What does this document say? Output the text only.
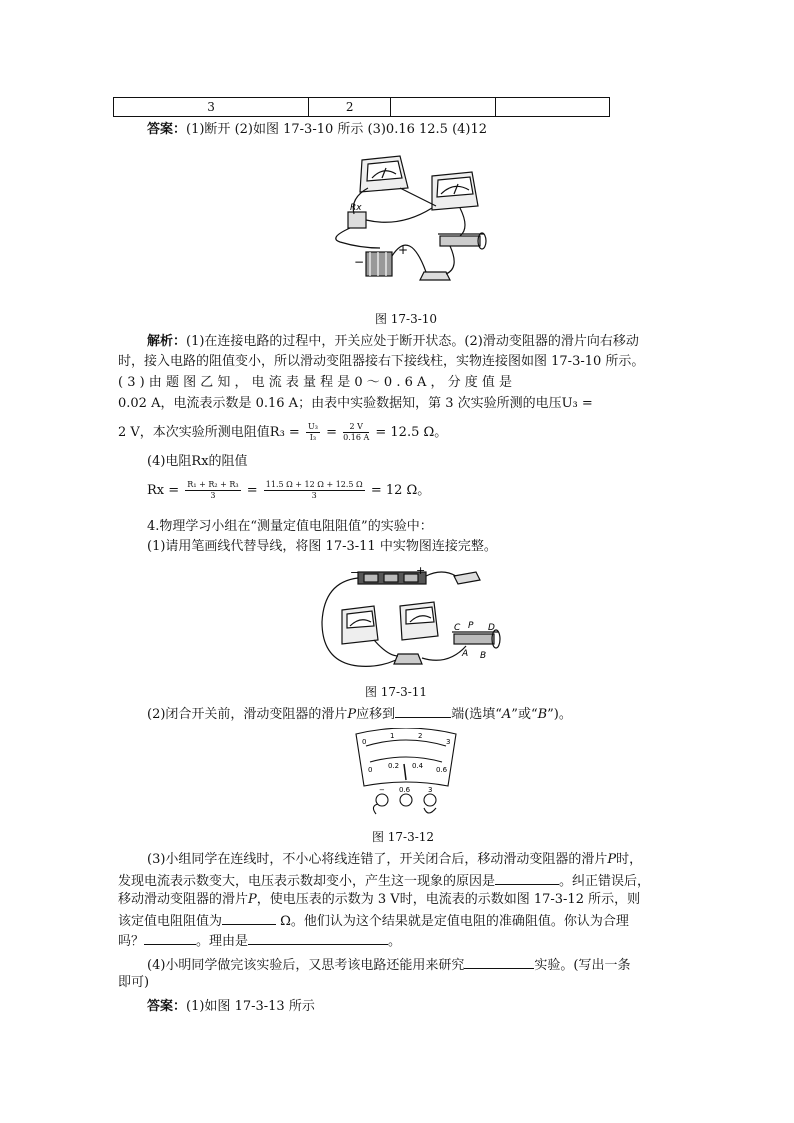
3	2		
答案：(1)断开 (2)如图 17-3-10 所示 (3)0.16 12.5 (4)12
Rx
−
+
图 17-3-10
解析：(1)在连接电路的过程中，开关应处于断开状态。(2)滑动变阻器的滑片向右移动
时，接入电路的阻值变小，所以滑动变阻器接右下接线柱，实物连接图如图 17-3-10 所示。
( 3 ) 由 题 图 乙 知 ， 电 流 表 量 程 是 0 ～ 0 . 6 A ， 分 度 值 是
0.02 A，电流表示数是 0.16 A；由表中实验数据知，第 3 次实验所测的电压U₃ =
2 V，本次实验所测电阻值$R_3 = \frac{\text{U₃}}{\text{I₃}} = \frac{2 V}{0.16 A} = 12.5$ Ω。
(4)电阻Rx的阻值
$Rx = \frac{\text{R₁ + R₂ + R₃}}{3} = \frac{11.5 \Omega + 12 \Omega + 12.5 \Omega}{3} = 12$ Ω。
4.物理学习小组在“测量定值电阻阻值”的实验中：
(1)请用笔画线代替导线，将图 17-3-11 中实物图连接完整。
−	+
C P D
A B
图 17-3-11
(2)闭合开关前，滑动变阻器的滑片P应移到	端(选填“A”或“B”)。
0
1	2
3
0 0.2 0.4 0.6
− 0.6	3
图 17-3-12
(3)小组同学在连线时，不小心将线连错了，开关闭合后，移动滑动变阻器的滑片P时，
发现电流表示数变大，电压表示数却变小，产生这一现象的原因是	。纠正错误后，
移动滑动变阻器的滑片P，使电压表的示数为 3 V时，电流表的示数如图 17-3-12 所示，则
该定值电阻阻值为	Ω。他们认为这个结果就是定值电阻的准确阻值。你认为合理
吗？	。理由是	。
(4)小明同学做完该实验后，又思考该电路还能用来研究	实验。(写出一条
即可)
答案：(1)如图 17-3-13 所示
